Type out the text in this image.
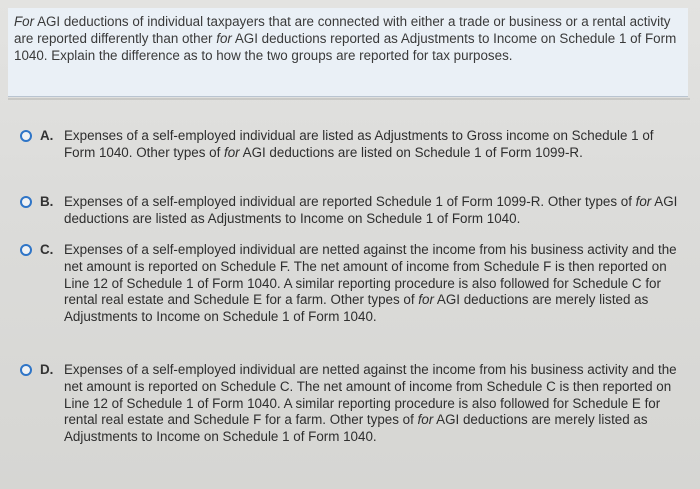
For AGI deductions of individual taxpayers that are connected with either a trade or business or a rental activity are reported differently than other for AGI deductions reported as Adjustments to Income on Schedule 1 of Form 1040. Explain the difference as to how the two groups are reported for tax purposes.
A. Expenses of a self-employed individual are listed as Adjustments to Gross income on Schedule 1 of Form 1040. Other types of for AGI deductions are listed on Schedule 1 of Form 1099-R.
B. Expenses of a self-employed individual are reported Schedule 1 of Form 1099-R. Other types of for AGI deductions are listed as Adjustments to Income on Schedule 1 of Form 1040.
C. Expenses of a self-employed individual are netted against the income from his business activity and the net amount is reported on Schedule F. The net amount of income from Schedule F is then reported on Line 12 of Schedule 1 of Form 1040. A similar reporting procedure is also followed for Schedule C for rental real estate and Schedule E for a farm. Other types of for AGI deductions are merely listed as Adjustments to Income on Schedule 1 of Form 1040.
D. Expenses of a self-employed individual are netted against the income from his business activity and the net amount is reported on Schedule C. The net amount of income from Schedule C is then reported on Line 12 of Schedule 1 of Form 1040. A similar reporting procedure is also followed for Schedule E for rental real estate and Schedule F for a farm. Other types of for AGI deductions are merely listed as Adjustments to Income on Schedule 1 of Form 1040.
